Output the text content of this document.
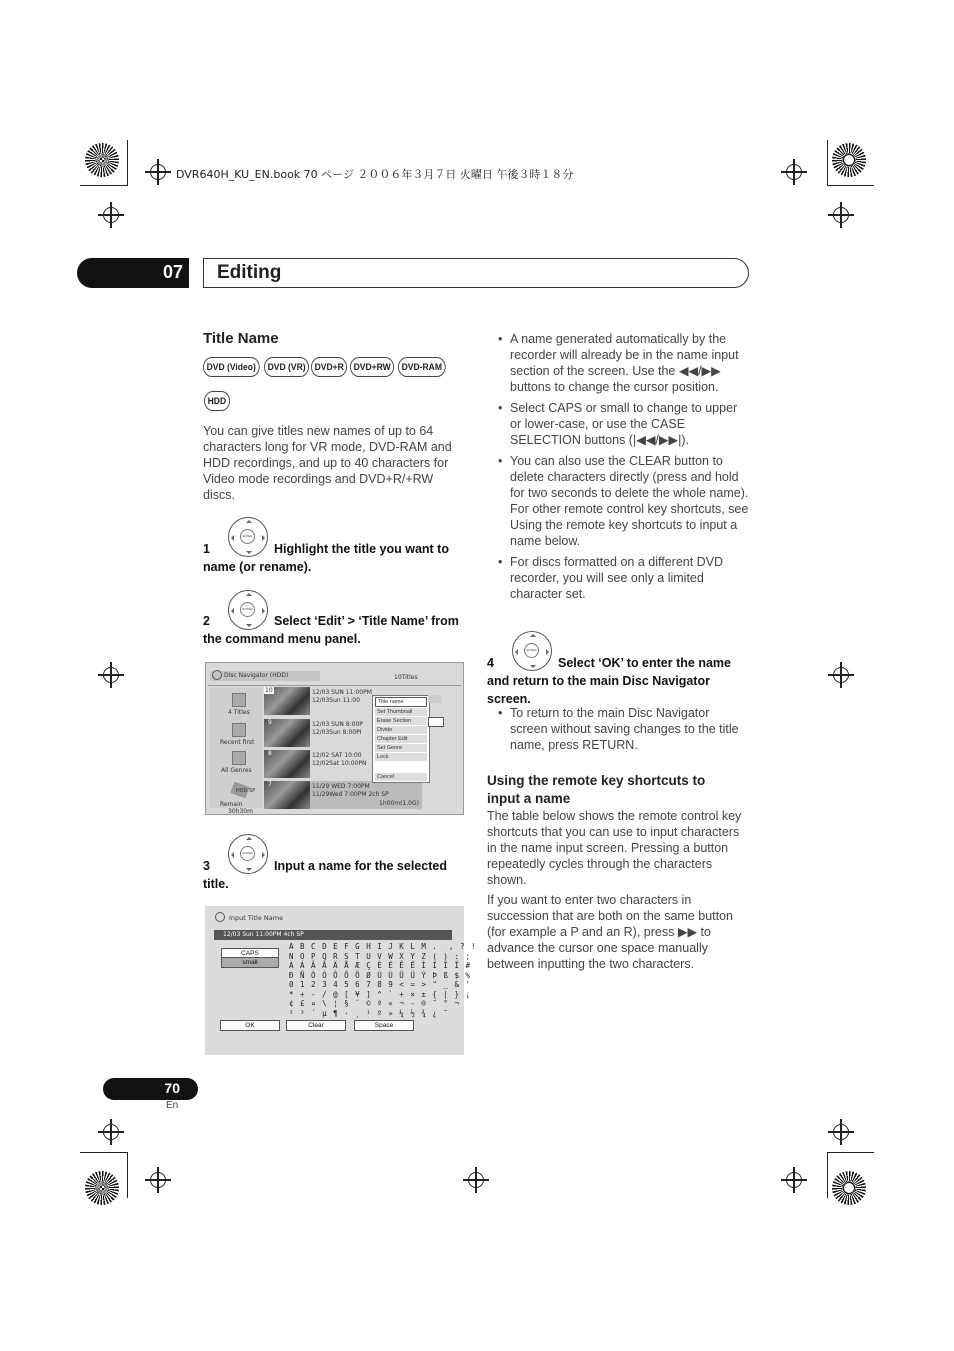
DVR640H_KU_EN.book 70 ページ ２００６年３月７日 火曜日 午後３時１８分
07	Editing
Title Name
DVD (Video)	DVD (VR) DVD+R	DVD+RW	DVD-RAM
HDD

You can give titles new names of up to 64 characters long for VR mode, DVD-RAM and HDD recordings, and up to 40 characters for Video mode recordings and DVD+R/+RW discs.

ENTER
1	Highlight the title you want to name (or rename).
ENTER
2	Select ‘Edit’ > ‘Title Name’ from the command menu panel.
Disc Navigator (HDD)	10Titles
4 Titles
Recent first
All Genres
HDD SP
Remain
30h30m
10
9
8
7
12/03 SUN 11:00PM
12/03Sun 11:00
12/03 SUN 8:00P
12/03Sun 8:00PI
12/02 SAT 10:00
12/02Sat 10:00PN
11/29 WED 7:00PM
11/29Wed 7:00PM 2ch SP
1h00m(1.0G)
Title name
Set Thumbnail
Erase Section
Divide
Chapter Edit
Set Genre
Lock
Cancel
ENTER
3	Input a name for the selected title.
Input Title Name
12/03 Sun 11:00PM 4ch SP
CAPS
small
A B C D E F G H I J K L M .  , ? !
N O P Q R S T U V W X Y Z ( ) : ;
À Á Â Ã Ä Å Æ Ç È É Ê Ë Ì Í Î Ï #
Ð Ñ Ò Ó Ô Õ Ö Ø Ù Ú Û Ü Ý Þ ß $ %
0 1 2 3 4 5 6 7 8 9 < = > " _ & '
* + - / @ [ ¥ ] ^ ` + × ± { | } ¡
¢ £ ¤ \ ¦ § ¨ © ª « ¬ - ® ¯ ° ¬
² ³ ´ µ ¶ · ¸ ¹ º » ¼ ½ ¾ ¿ ˜
OK	Clear	Space
• A name generated automatically by the recorder will already be in the name input section of the screen. Use the ◀◀/▶▶ buttons to change the cursor position.
• Select CAPS or small to change to upper or lower-case, or use the CASE SELECTION buttons (|◀◀/▶▶|).
• You can also use the CLEAR button to delete characters directly (press and hold for two seconds to delete the whole name). For other remote control key shortcuts, see Using the remote key shortcuts to input a name below.
• For discs formatted on a different DVD recorder, you will see only a limited character set.
ENTER
4	Select ‘OK’ to enter the name and return to the main Disc Navigator screen.
• To return to the main Disc Navigator screen without saving changes to the title name, press RETURN.
Using the remote key shortcuts to input a name

The table below shows the remote control key shortcuts that you can use to input characters in the name input screen. Pressing a button repeatedly cycles through the characters shown.

If you want to enter two characters in succession that are both on the same button (for example a P and an R), press ▶▶ to advance the cursor one space manually between inputting the two characters.

70
En
